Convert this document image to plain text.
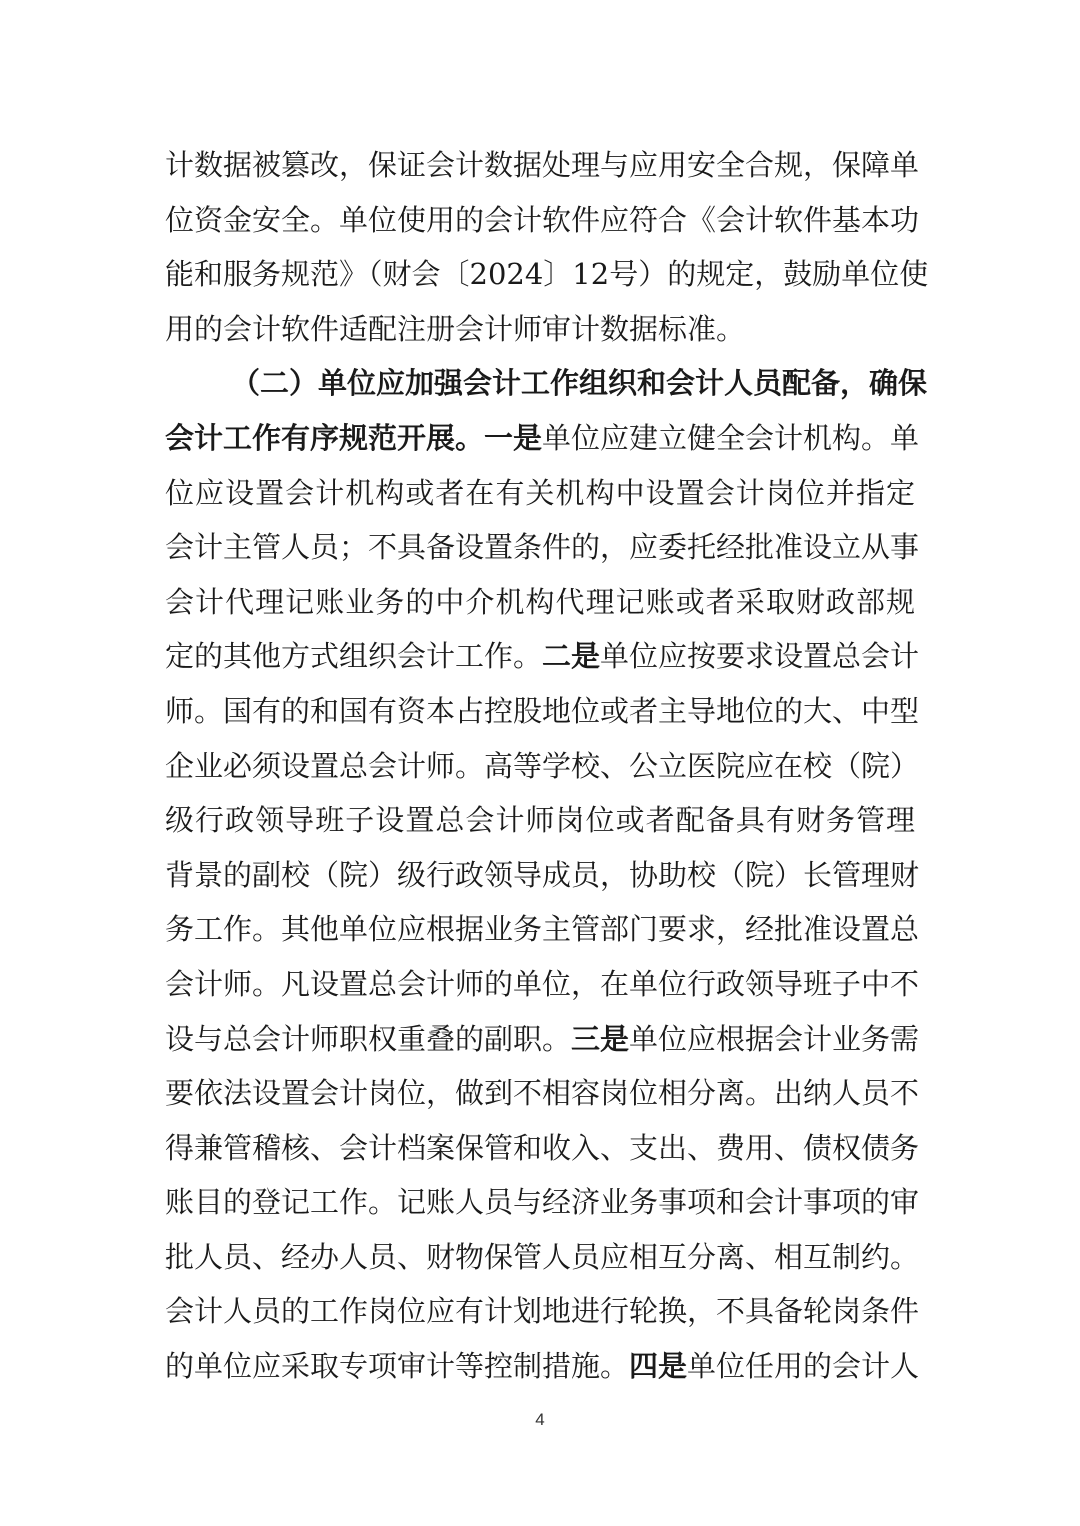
计数据被篡改，保证会计数据处理与应用安全合规，保障单
位资金安全。单位使用的会计软件应符合《会计软件基本功
能和服务规范》（财会〔2024〕12号）的规定，鼓励单位使
用的会计软件适配注册会计师审计数据标准。
（二）单位应加强会计工作组织和会计人员配备，确保
会计工作有序规范开展。一是单位应建立健全会计机构。单
位应设置会计机构或者在有关机构中设置会计岗位并指定
会计主管人员；不具备设置条件的，应委托经批准设立从事
会计代理记账业务的中介机构代理记账或者采取财政部规
定的其他方式组织会计工作。二是单位应按要求设置总会计
师。国有的和国有资本占控股地位或者主导地位的大、中型
企业必须设置总会计师。高等学校、公立医院应在校（院）
级行政领导班子设置总会计师岗位或者配备具有财务管理
背景的副校（院）级行政领导成员，协助校（院）长管理财
务工作。其他单位应根据业务主管部门要求，经批准设置总
会计师。凡设置总会计师的单位，在单位行政领导班子中不
设与总会计师职权重叠的副职。三是单位应根据会计业务需
要依法设置会计岗位，做到不相容岗位相分离。出纳人员不
得兼管稽核、会计档案保管和收入、支出、费用、债权债务
账目的登记工作。记账人员与经济业务事项和会计事项的审
批人员、经办人员、财物保管人员应相互分离、相互制约。
会计人员的工作岗位应有计划地进行轮换，不具备轮岗条件
的单位应采取专项审计等控制措施。四是单位任用的会计人
4
